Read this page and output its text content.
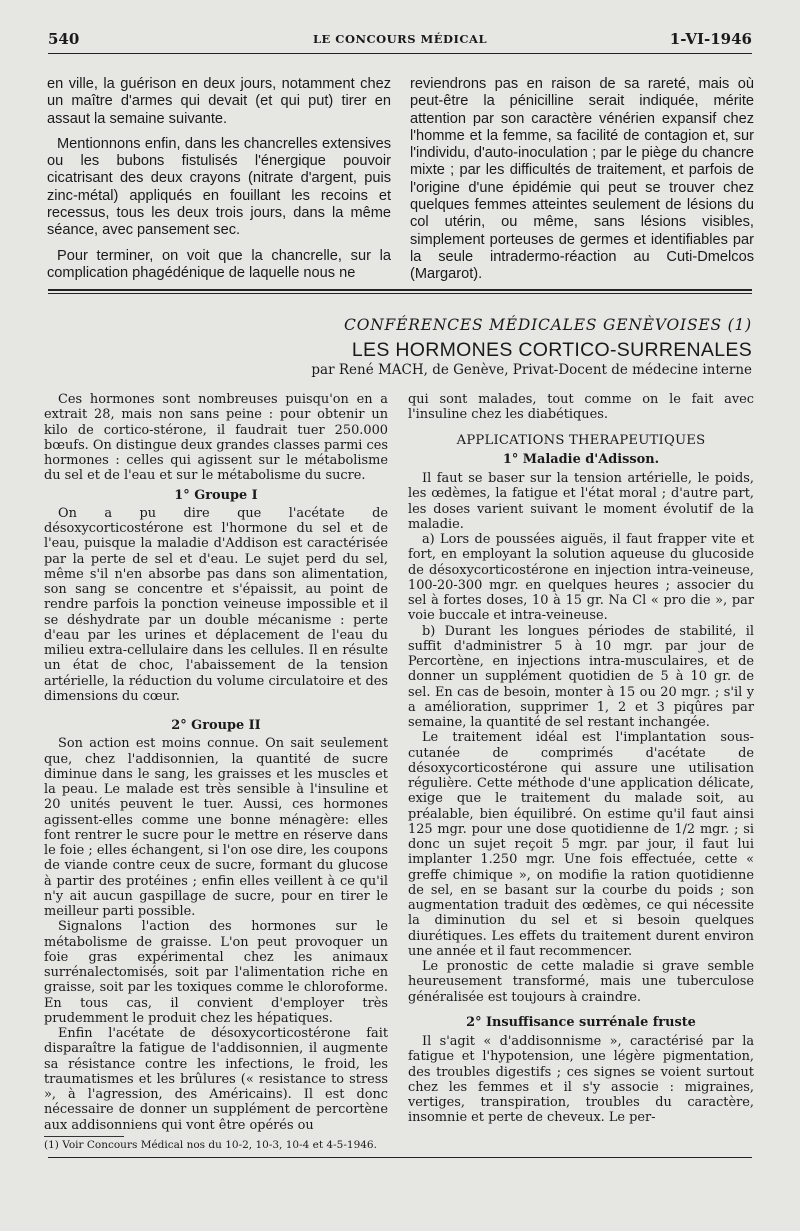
540	LE CONCOURS MÉDICAL	1-VI-1946

en ville, la guérison en deux jours, notamment chez un maître d'armes qui devait (et qui put) tirer en assaut la semaine suivante.

Mentionnons enfin, dans les chancrelles extensives ou les bubons fistulisés l'énergique pouvoir cicatrisant des deux crayons (nitrate d'argent, puis zinc-métal) appliqués en fouillant les recoins et recessus, tous les deux trois jours, dans la même séance, avec pansement sec.

Pour terminer, on voit que la chancrelle, sur la complication phagédénique de laquelle nous ne

reviendrons pas en raison de sa rareté, mais où peut-être la pénicilline serait indiquée, mérite attention par son caractère vénérien expansif chez l'homme et la femme, sa facilité de contagion et, sur l'individu, d'auto-inoculation ; par le piège du chancre mixte ; par les difficultés de traitement, et parfois de l'origine d'une épidémie qui peut se trouver chez quelques femmes atteintes seulement de lésions du col utérin, ou même, sans lésions visibles, simplement porteuses de germes et identifiables par la seule intradermo-réaction au Cuti-Dmelcos (Margarot).

CONFÉRENCES MÉDICALES GENÈVOISES (1)
LES HORMONES CORTICO-SURRENALES
par René MACH, de Genève, Privat-Docent de médecine interne

Ces hormones sont nombreuses puisqu'on en a extrait 28, mais non sans peine : pour obtenir un kilo de cortico-stérone, il faudrait tuer 250.000 bœufs. On distingue deux grandes classes parmi ces hormones : celles qui agissent sur le métabolisme du sel et de l'eau et sur le métabolisme du sucre.

1° Groupe I

On a pu dire que l'acétate de désoxycorticostérone est l'hormone du sel et de l'eau, puisque la maladie d'Addison est caractérisée par la perte de sel et d'eau. Le sujet perd du sel, même s'il n'en absorbe pas dans son alimentation, son sang se concentre et s'épaissit, au point de rendre parfois la ponction veineuse impossible et il se déshydrate par un double mécanisme : perte d'eau par les urines et déplacement de l'eau du milieu extra-cellulaire dans les cellules. Il en résulte un état de choc, l'abaissement de la tension artérielle, la réduction du volume circulatoire et des dimensions du cœur.

2° Groupe II

Son action est moins connue. On sait seulement que, chez l'addisonnien, la quantité de sucre diminue dans le sang, les graisses et les muscles et la peau. Le malade est très sensible à l'insuline et 20 unités peuvent le tuer. Aussi, ces hormones agissent-elles comme une bonne ménagère: elles font rentrer le sucre pour le mettre en réserve dans le foie ; elles échangent, si l'on ose dire, les coupons de viande contre ceux de sucre, formant du glucose à partir des protéines ; enfin elles veillent à ce qu'il n'y ait aucun gaspillage de sucre, pour en tirer le meilleur parti possible.

Signalons l'action des hormones sur le métabolisme de graisse. L'on peut provoquer un foie gras expérimental chez les animaux surrénalectomisés, soit par l'alimentation riche en graisse, soit par les toxiques comme le chloroforme. En tous cas, il convient d'employer très prudemment le produit chez les hépatiques.

Enfin l'acétate de désoxycorticostérone fait disparaître la fatigue de l'addisonnien, il augmente sa résistance contre les infections, le froid, les traumatismes et les brûlures (« resistance to stress », à l'agression, des Américains). Il est donc nécessaire de donner un supplément de percortène aux addisonniens qui vont être opérés ou

(1) Voir Concours Médical nos du 10-2, 10-3, 10-4 et 4-5-1946.

qui sont malades, tout comme on le fait avec l'insuline chez les diabétiques.

APPLICATIONS THERAPEUTIQUES
1° Maladie d'Adisson.

Il faut se baser sur la tension artérielle, le poids, les œdèmes, la fatigue et l'état moral ; d'autre part, les doses varient suivant le moment évolutif de la maladie.

a) Lors de poussées aiguës, il faut frapper vite et fort, en employant la solution aqueuse du glucoside de désoxycorticostérone en injection intra-veineuse, 100-20-300 mgr. en quelques heures ; associer du sel à fortes doses, 10 à 15 gr. Na Cl « pro die », par voie buccale et intra-veineuse.

b) Durant les longues périodes de stabilité, il suffit d'administrer 5 à 10 mgr. par jour de Percortène, en injections intra-musculaires, et de donner un supplément quotidien de 5 à 10 gr. de sel. En cas de besoin, monter à 15 ou 20 mgr. ; s'il y a amélioration, supprimer 1, 2 et 3 piqûres par semaine, la quantité de sel restant inchangée.

Le traitement idéal est l'implantation sous-cutanée de comprimés d'acétate de désoxycorticostérone qui assure une utilisation régulière. Cette méthode d'une application délicate, exige que le traitement du malade soit, au préalable, bien équilibré. On estime qu'il faut ainsi 125 mgr. pour une dose quotidienne de 1/2 mgr. ; si donc un sujet reçoit 5 mgr. par jour, il faut lui implanter 1.250 mgr. Une fois effectuée, cette « greffe chimique », on modifie la ration quotidienne de sel, en se basant sur la courbe du poids ; son augmentation traduit des œdèmes, ce qui nécessite la diminution du sel et si besoin quelques diurétiques. Les effets du traitement durent environ une année et il faut recommencer.

Le pronostic de cette maladie si grave semble heureusement transformé, mais une tuberculose généralisée est toujours à craindre.

2° Insuffisance surrénale fruste

Il s'agit « d'addisonnisme », caractérisé par la fatigue et l'hypotension, une légère pigmentation, des troubles digestifs ; ces signes se voient surtout chez les femmes et il s'y associe : migraines, vertiges, transpiration, troubles du caractère, insomnie et perte de cheveux. Le per-
